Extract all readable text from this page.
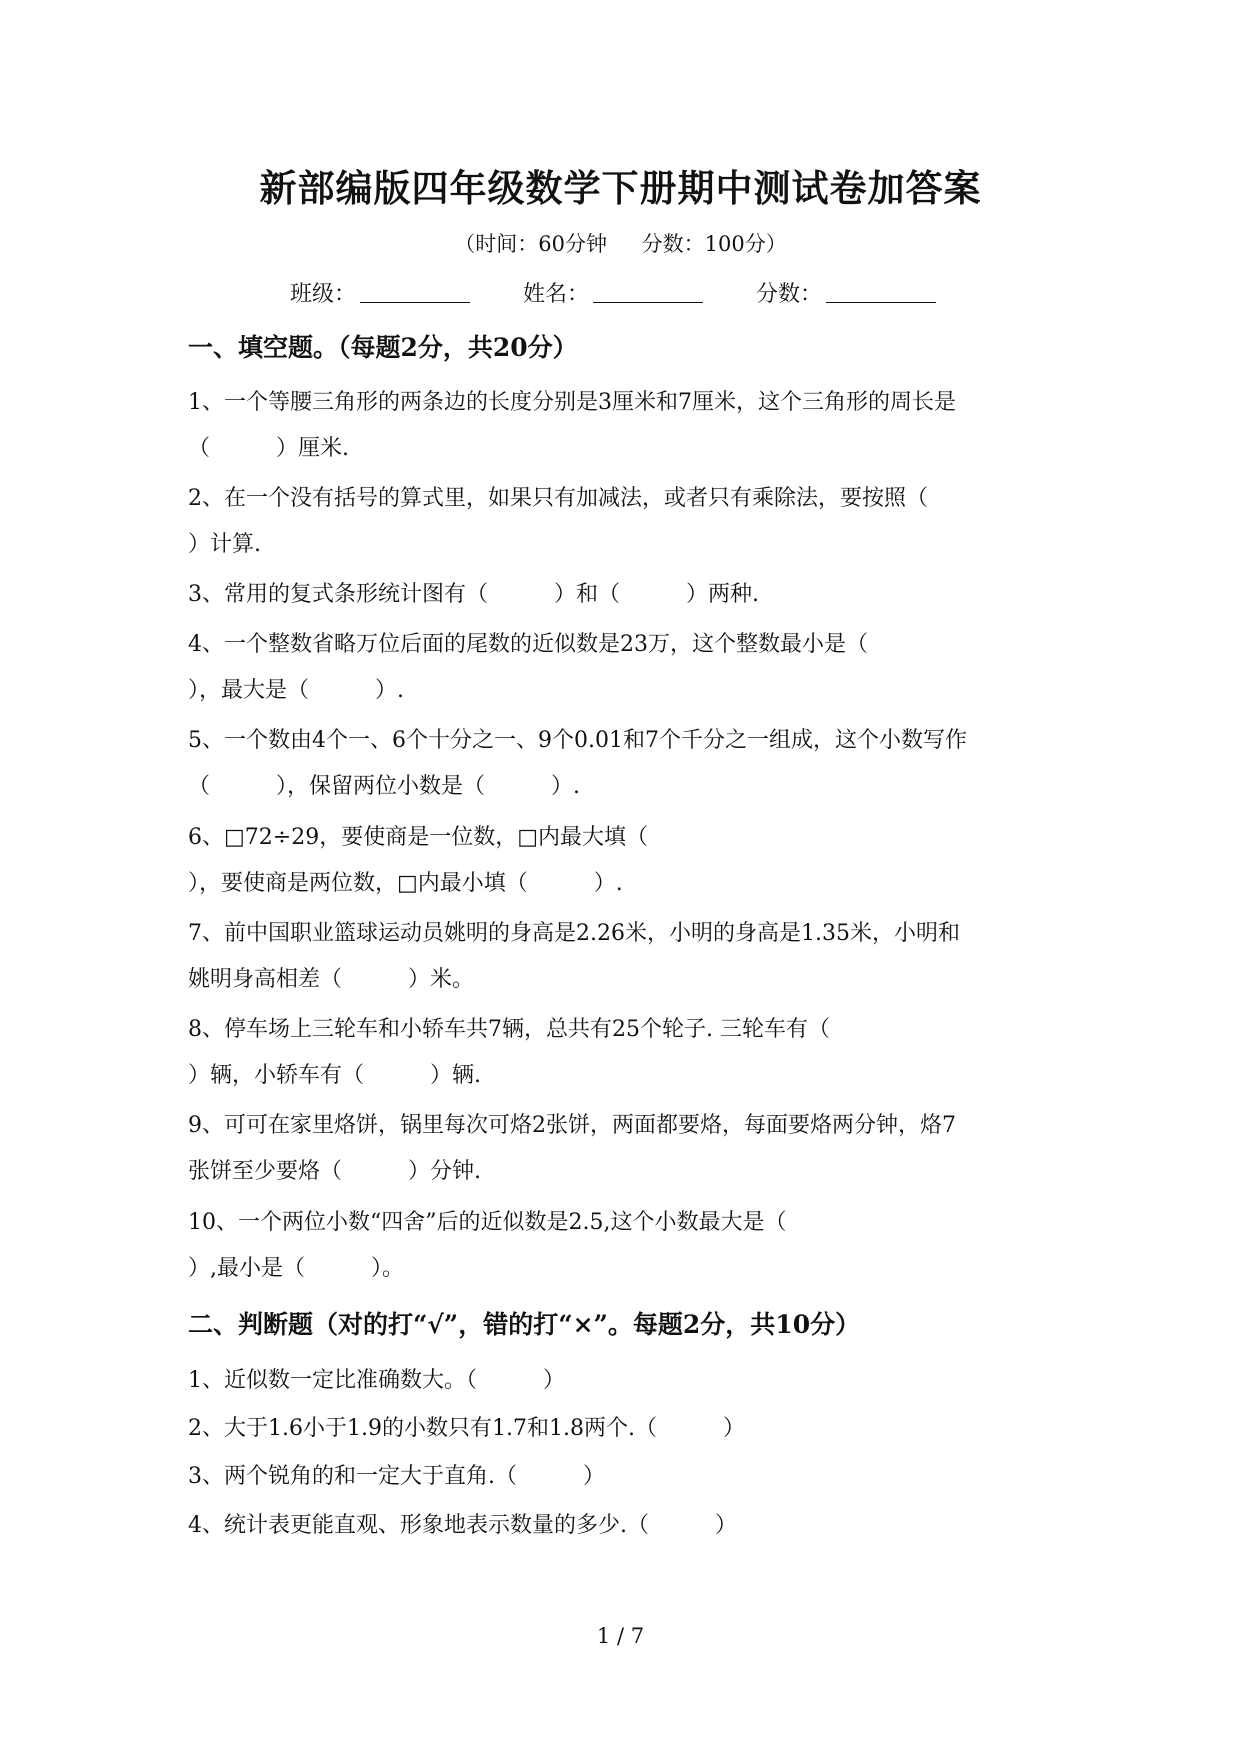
新部编版四年级数学下册期中测试卷加答案
（时间：60分钟 分数：100分）
班级：	姓名：	分数：
一、填空题。（每题2分，共20分）
1、一个等腰三角形的两条边的长度分别是3厘米和7厘米，这个三角形的周长是
（　　　）厘米.
2、在一个没有括号的算式里，如果只有加减法，或者只有乘除法，要按照（
）计算.
3、常用的复式条形统计图有（　　　）和（　　　）两种.
4、一个整数省略万位后面的尾数的近似数是23万，这个整数最小是（
），最大是（　　　）.
5、一个数由4个一、6个十分之一、9个0.01和7个千分之一组成，这个小数写作
（　　　），保留两位小数是（　　　）.
6、□72÷29，要使商是一位数，□内最大填（
），要使商是两位数，□内最小填（　　　）.
7、前中国职业篮球运动员姚明的身高是2.26米，小明的身高是1.35米，小明和
姚明身高相差（　　　）米。
8、停车场上三轮车和小轿车共7辆，总共有25个轮子. 三轮车有（
）辆，小轿车有（　　　）辆.
9、可可在家里烙饼，锅里每次可烙2张饼，两面都要烙，每面要烙两分钟，烙7
张饼至少要烙（　　　）分钟.
10、一个两位小数“四舍”后的近似数是2.5,这个小数最大是（
）,最小是（　　　）。
二、判断题（对的打“√”，错的打“×”。每题2分，共10分）
1、近似数一定比准确数大。（　　　）
2、大于1.6小于1.9的小数只有1.7和1.8两个.（　　　）
3、两个锐角的和一定大于直角.（　　　）
4、统计表更能直观、形象地表示数量的多少.（　　　）
1 / 7
